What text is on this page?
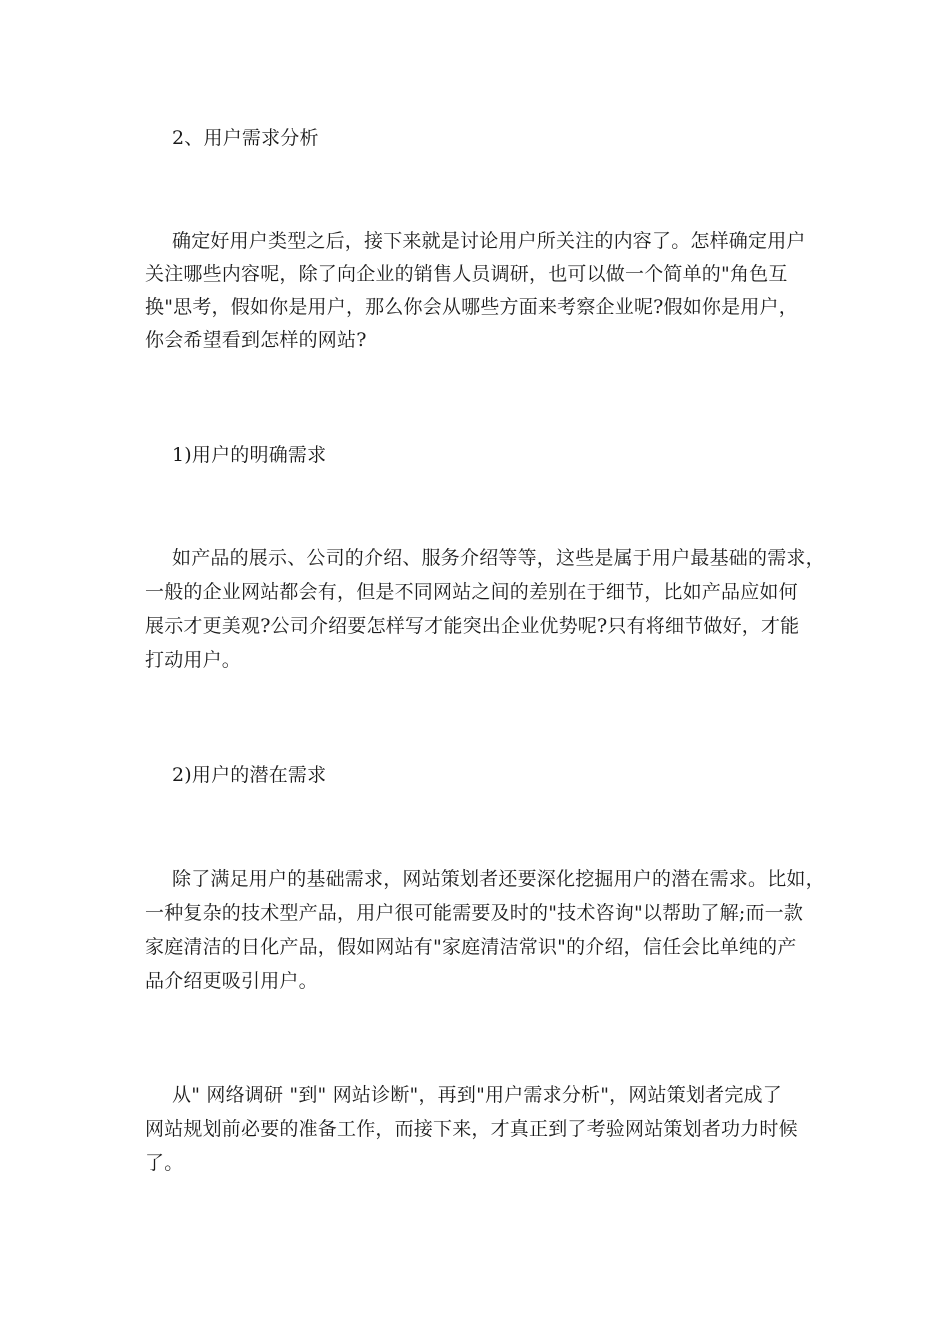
2、用户需求分析
确定好用户类型之后，接下来就是讨论用户所关注的内容了。怎样确定用户
关注哪些内容呢，除了向企业的销售人员调研，也可以做一个简单的"角色互
换"思考，假如你是用户，那么你会从哪些方面来考察企业呢?假如你是用户，
你会希望看到怎样的网站?
1)用户的明确需求
如产品的展示、公司的介绍、服务介绍等等，这些是属于用户最基础的需求，
一般的企业网站都会有，但是不同网站之间的差别在于细节，比如产品应如何
展示才更美观?公司介绍要怎样写才能突出企业优势呢?只有将细节做好，才能
打动用户。
2)用户的潜在需求
除了满足用户的基础需求，网站策划者还要深化挖掘用户的潜在需求。比如，
一种复杂的技术型产品，用户很可能需要及时的"技术咨询"以帮助了解;而一款
家庭清洁的日化产品，假如网站有"家庭清洁常识"的介绍，信任会比单纯的产
品介绍更吸引用户。
从" 网络调研 "到" 网站诊断"，再到"用户需求分析"，网站策划者完成了
网站规划前必要的准备工作，而接下来，才真正到了考验网站策划者功力时候
了。
